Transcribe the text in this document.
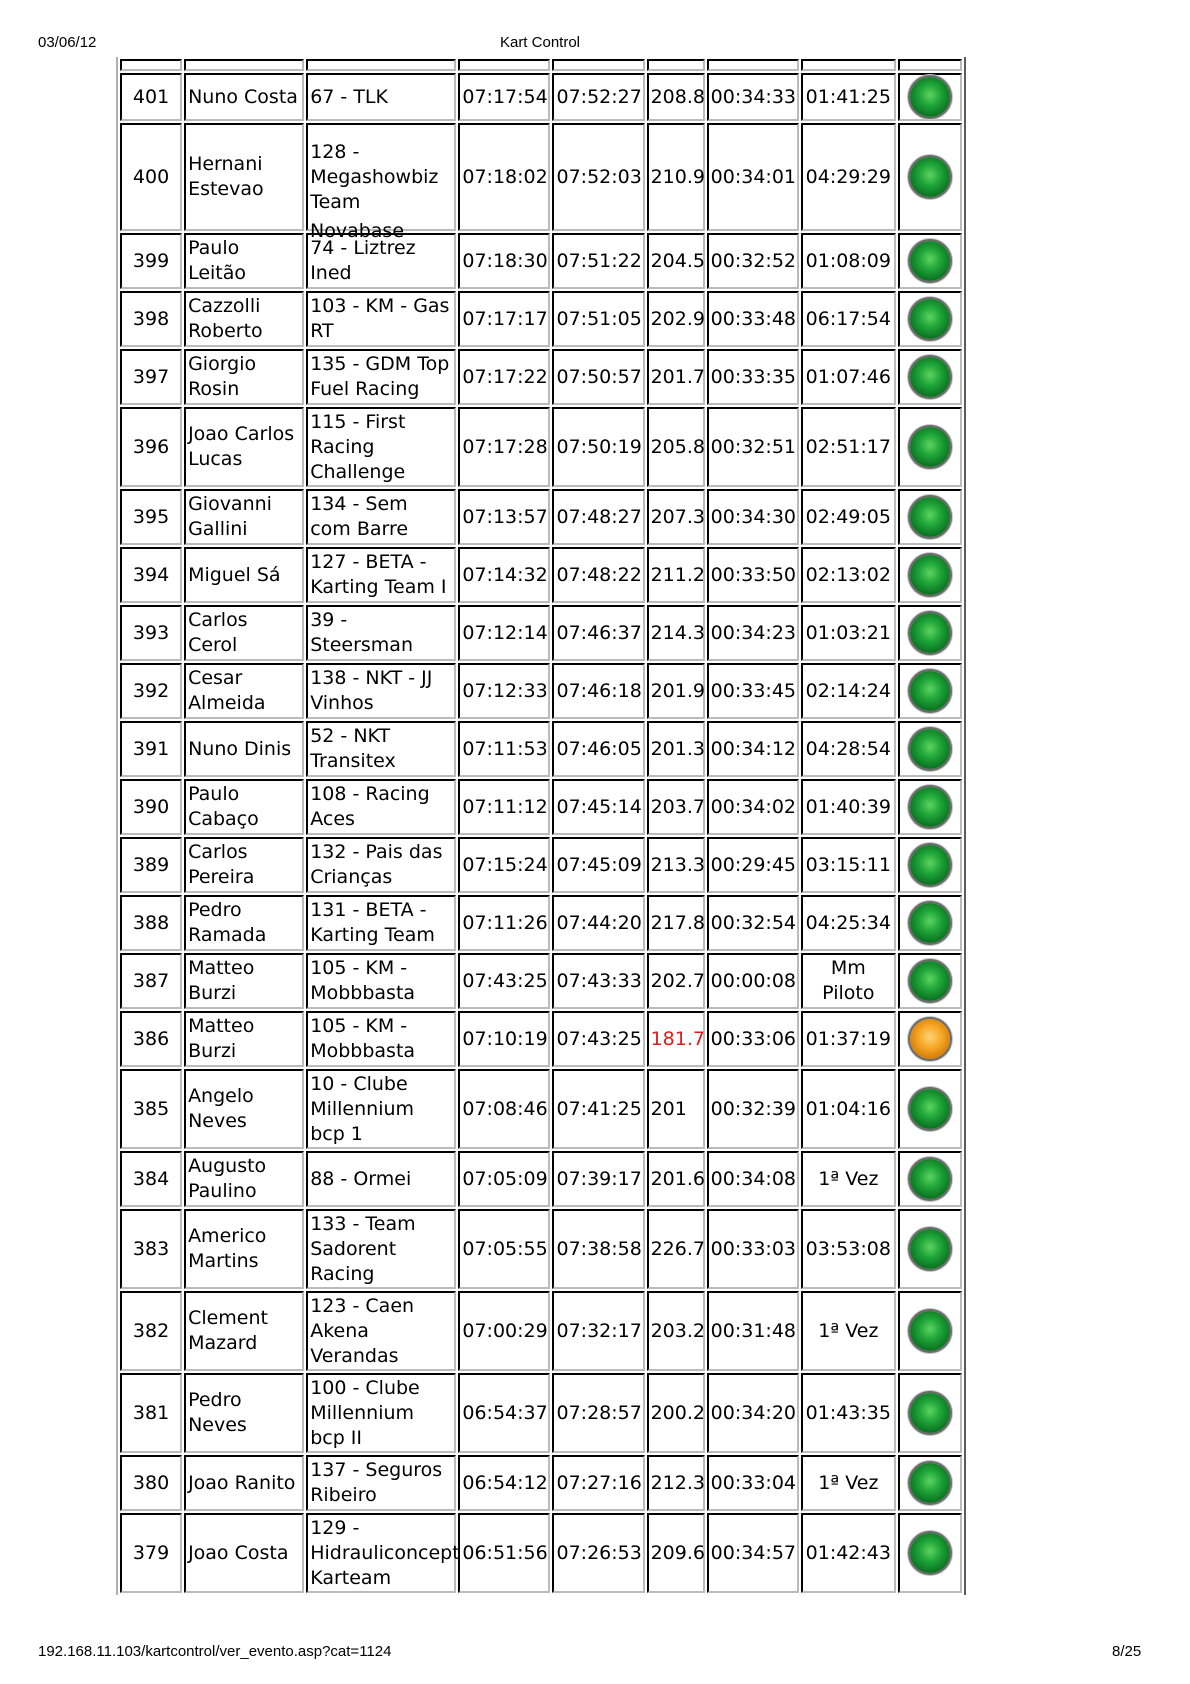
03/06/12	Kart Control

401	Nuno Costa	67 - TLK	07:17:54	07:52:27	208.8	00:34:33	01:41:25	
400	Hernani Estevao	128 - Megashowbiz Team	07:18:02	07:52:03	210.9	00:34:01	04:29:29	
399	Paulo Leitão	74 - Liztrez Ined	07:18:30	07:51:22	204.5	00:32:52	01:08:09	
398	Cazzolli Roberto	103 - KM - Gas RT	07:17:17	07:51:05	202.9	00:33:48	06:17:54	
397	Giorgio Rosin	135 - GDM Top Fuel Racing	07:17:22	07:50:57	201.7	00:33:35	01:07:46	
396	Joao Carlos Lucas	115 - First Racing Challenge	07:17:28	07:50:19	205.8	00:32:51	02:51:17	
395	Giovanni Gallini	134 - Sem com Barre	07:13:57	07:48:27	207.3	00:34:30	02:49:05	
394	Miguel Sá	127 - BETA - Karting Team I	07:14:32	07:48:22	211.2	00:33:50	02:13:02	
393	Carlos Cerol	39 - Steersman	07:12:14	07:46:37	214.3	00:34:23	01:03:21	
392	Cesar Almeida	138 - NKT - JJ Vinhos	07:12:33	07:46:18	201.9	00:33:45	02:14:24	
391	Nuno Dinis	52 - NKT Transitex	07:11:53	07:46:05	201.3	00:34:12	04:28:54	
390	Paulo Cabaço	108 - Racing Aces	07:11:12	07:45:14	203.7	00:34:02	01:40:39	
389	Carlos Pereira	132 - Pais das Crianças	07:15:24	07:45:09	213.3	00:29:45	03:15:11	
388	Pedro Ramada	131 - BETA - Karting Team	07:11:26	07:44:20	217.8	00:32:54	04:25:34	
387	Matteo Burzi	105 - KM - Mobbbasta	07:43:25	07:43:33	202.7	00:00:08	Mm Piloto	
386	Matteo Burzi	105 - KM - Mobbbasta	07:10:19	07:43:25	181.7	00:33:06	01:37:19	
385	Angelo Neves	10 - Clube Millennium bcp 1	07:08:46	07:41:25	201	00:32:39	01:04:16	
384	Augusto Paulino	88 - Ormei	07:05:09	07:39:17	201.6	00:34:08	1ª Vez	
383	Americo Martins	133 - Team Sadorent Racing	07:05:55	07:38:58	226.7	00:33:03	03:53:08	
382	Clement Mazard	123 - Caen Akena Verandas	07:00:29	07:32:17	203.2	00:31:48	1ª Vez	
381	Pedro Neves	100 - Clube Millennium bcp II	06:54:37	07:28:57	200.2	00:34:20	01:43:35	
380	Joao Ranito	137 - Seguros Ribeiro	06:54:12	07:27:16	212.3	00:33:04	1ª Vez	
379	Joao Costa	129 - Hidrauliconcept Karteam	06:51:56	07:26:53	209.6	00:34:57	01:42:43	
Novabase
192.168.11.103/kartcontrol/ver_evento.asp?cat=1124	8/25
